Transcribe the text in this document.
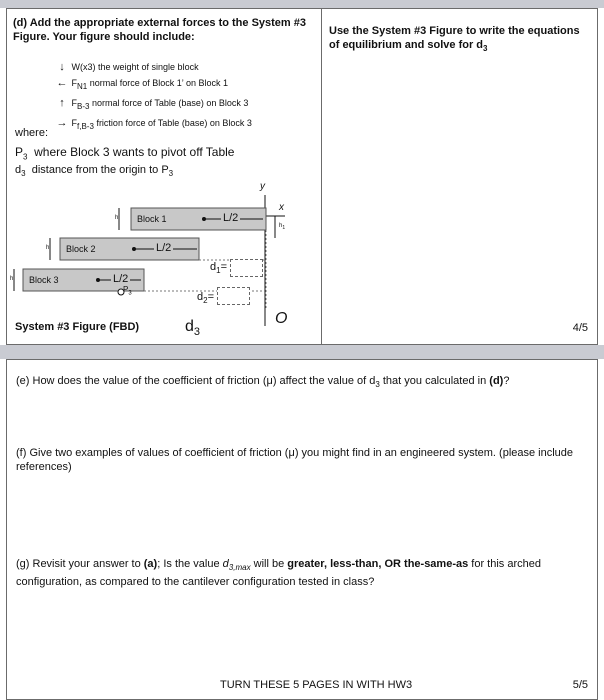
(d) Add the appropriate external forces to the System #3 Figure. Your figure should include:
↓ W(x3) the weight of single block
← $F_{N1}$ normal force of Block 1’ on Block 1
↑ $F_{B-3}$ normal force of Table (base) on Block 3
→ $F_{f,B-3}$ friction force of Table (base) on Block 3
where:
$P_3$ where Block 3 wants to pivot off Table
$d_3$ distance from the origin to $P_3$
Block 1
Block 2
Block 3
L/2
L/2
L/2
h
h
h
$h_1$
$P_3$
$d_1=$
$d_2=$
$d_3$
x
y
O
System #3 Figure (FBD)
Use the System #3 Figure to write the equations of equilibrium and solve for $d_3$
4/5
(e) How does the value of the coefficient of friction (μ) affect the value of $d_3$ that you calculated in (d)?
(f) Give two examples of values of coefficient of friction (μ) you might find in an engineered system. (please include references)
(g) Revisit your answer to (a); Is the value $d_{3,max}$ will be greater, less-than, OR the-same-as for this arched configuration, as compared to the cantilever configuration tested in class?
TURN THESE 5 PAGES IN WITH HW3	5/5
